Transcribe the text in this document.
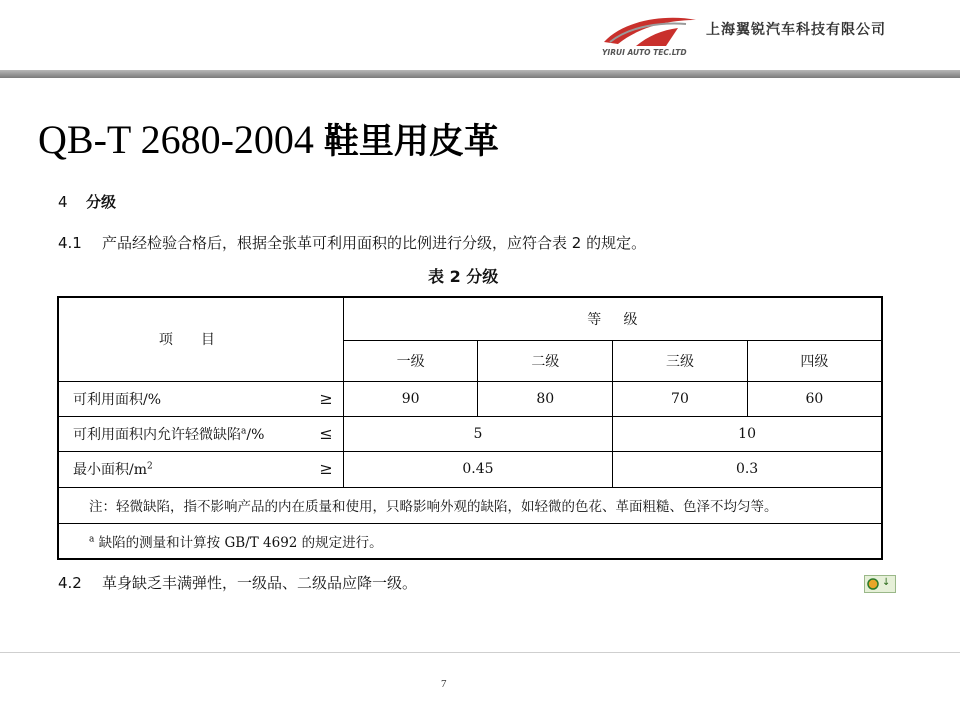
YIRUI AUTO TEC.LTD
上海翼锐汽车科技有限公司
QB-T 2680-2004 鞋里用皮革
4 分级
4.1 产品经检验合格后，根据全张革可利用面积的比例进行分级，应符合表 2 的规定。
表 2 分级
项目	等     级			
	一级	二级	三级	四级
可利用面积/% ≥	90	80	70	60
可利用面积内允许轻微缺陷$^a$/% ≤	5		10	
最小面积$/m^2$ ≥	0.45		0.3	
注：轻微缺陷，指不影响产品的内在质量和使用，只略影响外观的缺陷，如轻微的色花、革面粗糙、色泽不均匀等。				
$^a$ 缺陷的测量和计算按 GB/T 4692 的规定进行。				
4.2 革身缺乏丰满弹性，一级品、二级品应降一级。	↓
7
